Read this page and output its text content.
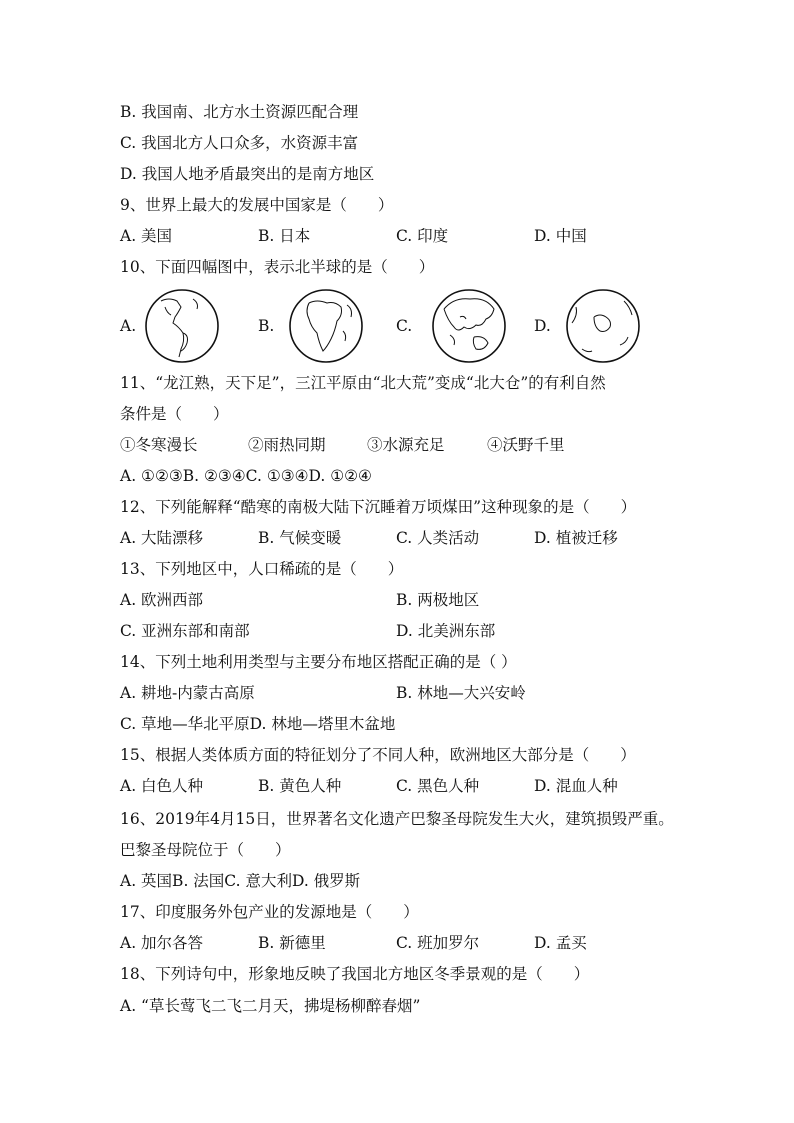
B. 我国南、北方水土资源匹配合理
C. 我国北方人口众多，水资源丰富
D. 我国人地矛盾最突出的是南方地区
9、世界上最大的发展中国家是（　　）
A. 美国	B. 日本	C. 印度	D. 中国
10、下面四幅图中，表示北半球的是（　　）
A.	B.	C.	D.
11、“龙江熟，天下足”，三江平原由“北大荒”变成“北大仓”的有利自然
条件是（　　）
①冬寒漫长	②雨热同期	③水源充足	④沃野千里
A. ①②③B. ②③④C. ①③④D. ①②④
12、下列能解释“酷寒的南极大陆下沉睡着万顷煤田”这种现象的是（　　）
A. 大陆漂移	B. 气候变暖	C. 人类活动	D. 植被迁移
13、下列地区中，人口稀疏的是（　　）
A. 欧洲西部	B. 两极地区
C. 亚洲东部和南部	D. 北美洲东部
14、下列土地利用类型与主要分布地区搭配正确的是（ ）
A. 耕地-内蒙古高原	B. 林地—大兴安岭
C. 草地—华北平原D. 林地—塔里木盆地
15、根据人类体质方面的特征划分了不同人种，欧洲地区大部分是（　　）
A. 白色人种	B. 黄色人种	C. 黑色人种	D. 混血人种
16、2019年4月15日，世界著名文化遗产巴黎圣母院发生大火，建筑损毁严重。
巴黎圣母院位于（　　）
A. 英国B. 法国C. 意大利D. 俄罗斯
17、印度服务外包产业的发源地是（　　）
A. 加尔各答	B. 新德里	C. 班加罗尔	D. 孟买
18、下列诗句中，形象地反映了我国北方地区冬季景观的是（　　）
A. “草长莺飞二飞二月天，拂堤杨柳醉春烟”
